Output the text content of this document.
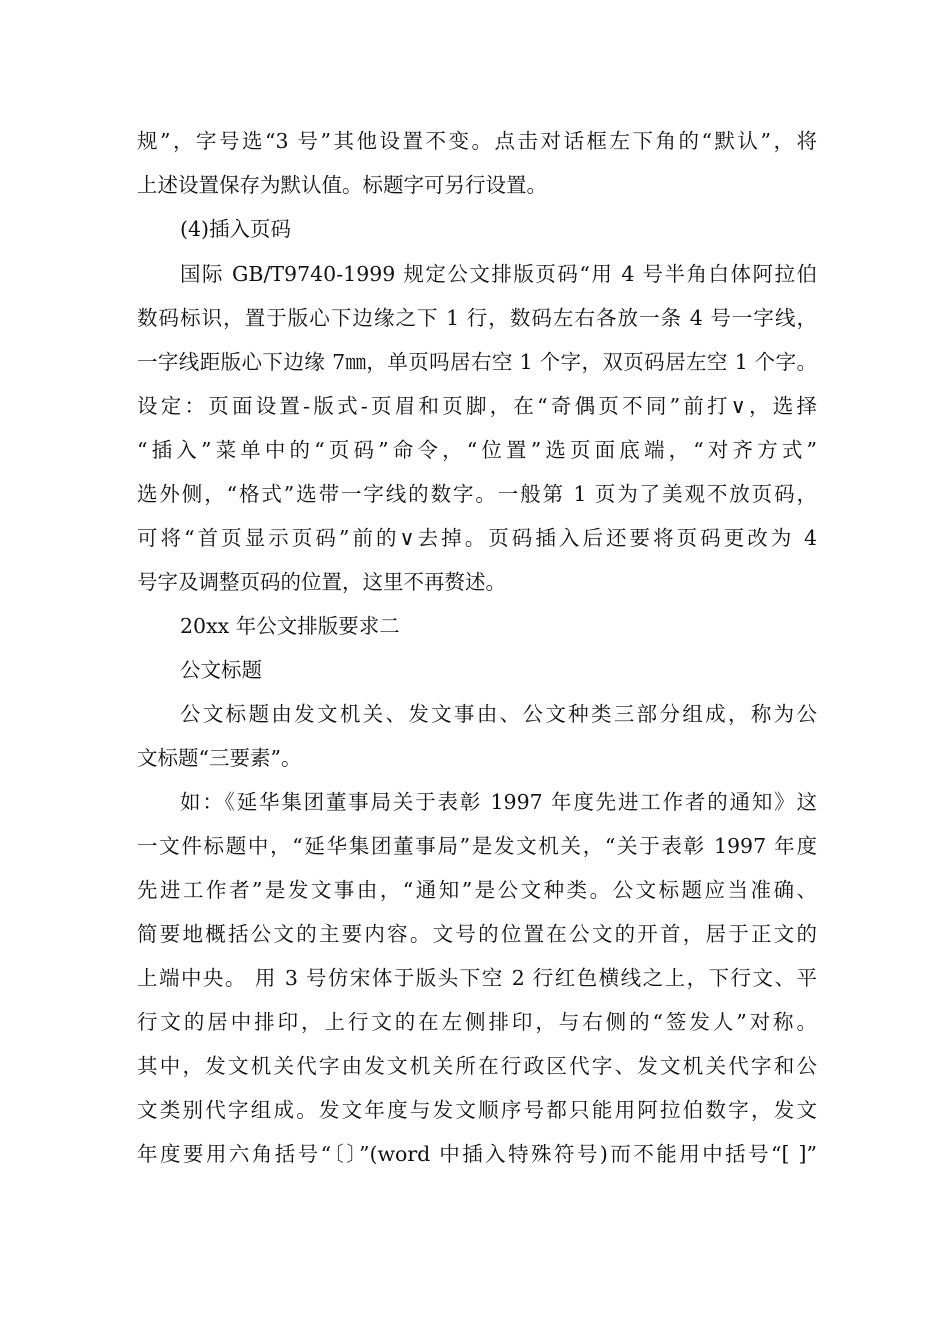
规”，字号选“3 号”其他设置不变。点击对话框左下角的“默认”，将
上述设置保存为默认值。标题字可另行设置。
(4)插入页码
国际 GB/T9740-1999 规定公文排版页码“用 4 号半角白体阿拉伯
数码标识，置于版心下边缘之下 1 行，数码左右各放一条 4 号一字线，
一字线距版心下边缘 7㎜，单页吗居右空 1 个字，双页码居左空 1 个字。
设定：页面设置-版式-页眉和页脚，在“奇偶页不同”前打∨，选择
“插入”菜单中的“页码”命令，“位置”选页面底端，“对齐方式”
选外侧，“格式”选带一字线的数字。一般第 1 页为了美观不放页码，
可将“首页显示页码”前的∨去掉。页码插入后还要将页码更改为 4
号字及调整页码的位置，这里不再赘述。
20xx 年公文排版要求二
公文标题
公文标题由发文机关、发文事由、公文种类三部分组成，称为公
文标题“三要素”。
如：《延华集团董事局关于表彰 1997 年度先进工作者的通知》这
一文件标题中，“延华集团董事局”是发文机关，“关于表彰 1997 年度
先进工作者”是发文事由，“通知”是公文种类。公文标题应当准确、
简要地概括公文的主要内容。文号的位置在公文的开首，居于正文的
上端中央。 用 3 号仿宋体于版头下空 2 行红色横线之上，下行文、平
行文的居中排印，上行文的在左侧排印，与右侧的“签发人”对称。
其中，发文机关代字由发文机关所在行政区代字、发文机关代字和公
文类别代字组成。发文年度与发文顺序号都只能用阿拉伯数字，发文
年度要用六角括号“〔〕”(word 中插入特殊符号)而不能用中括号“[ ]”
